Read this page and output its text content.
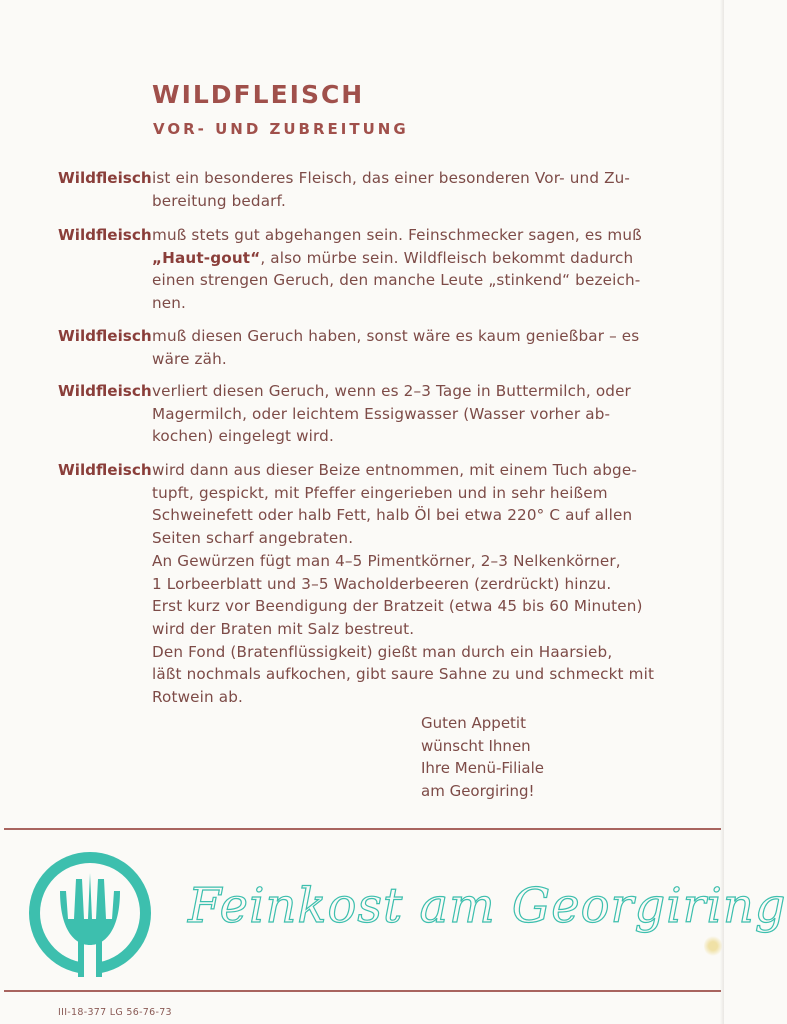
WILDFLEISCH
VOR- UND ZUBREITUNG
Wildfleisch ist ein besonderes Fleisch, das einer besonderen Vor- und Zu-
bereitung bedarf.
Wildfleisch muß stets gut abgehangen sein. Feinschmecker sagen, es muß
„Haut-gout“, also mürbe sein. Wildfleisch bekommt dadurch
einen strengen Geruch, den manche Leute „stinkend“ bezeich-
nen.
Wildfleisch muß diesen Geruch haben, sonst wäre es kaum genießbar – es
wäre zäh.
Wildfleisch verliert diesen Geruch, wenn es 2–3 Tage in Buttermilch, oder
Magermilch, oder leichtem Essigwasser (Wasser vorher ab-
kochen) eingelegt wird.
Wildfleisch wird dann aus dieser Beize entnommen, mit einem Tuch abge-
tupft, gespickt, mit Pfeffer eingerieben und in sehr heißem
Schweinefett oder halb Fett, halb Öl bei etwa 220° C auf allen
Seiten scharf angebraten.
An Gewürzen fügt man 4–5 Pimentkörner, 2–3 Nelkenkörner,
1 Lorbeerblatt und 3–5 Wacholderbeeren (zerdrückt) hinzu.
Erst kurz vor Beendigung der Bratzeit (etwa 45 bis 60 Minuten)
wird der Braten mit Salz bestreut.
Den Fond (Bratenflüssigkeit) gießt man durch ein Haarsieb,
läßt nochmals aufkochen, gibt saure Sahne zu und schmeckt mit
Rotwein ab.
Guten Appetit
wünscht Ihnen
Ihre Menü-Filiale
am Georgiring!
Feinkost am Georgiring
III-18-377 LG 56-76-73
